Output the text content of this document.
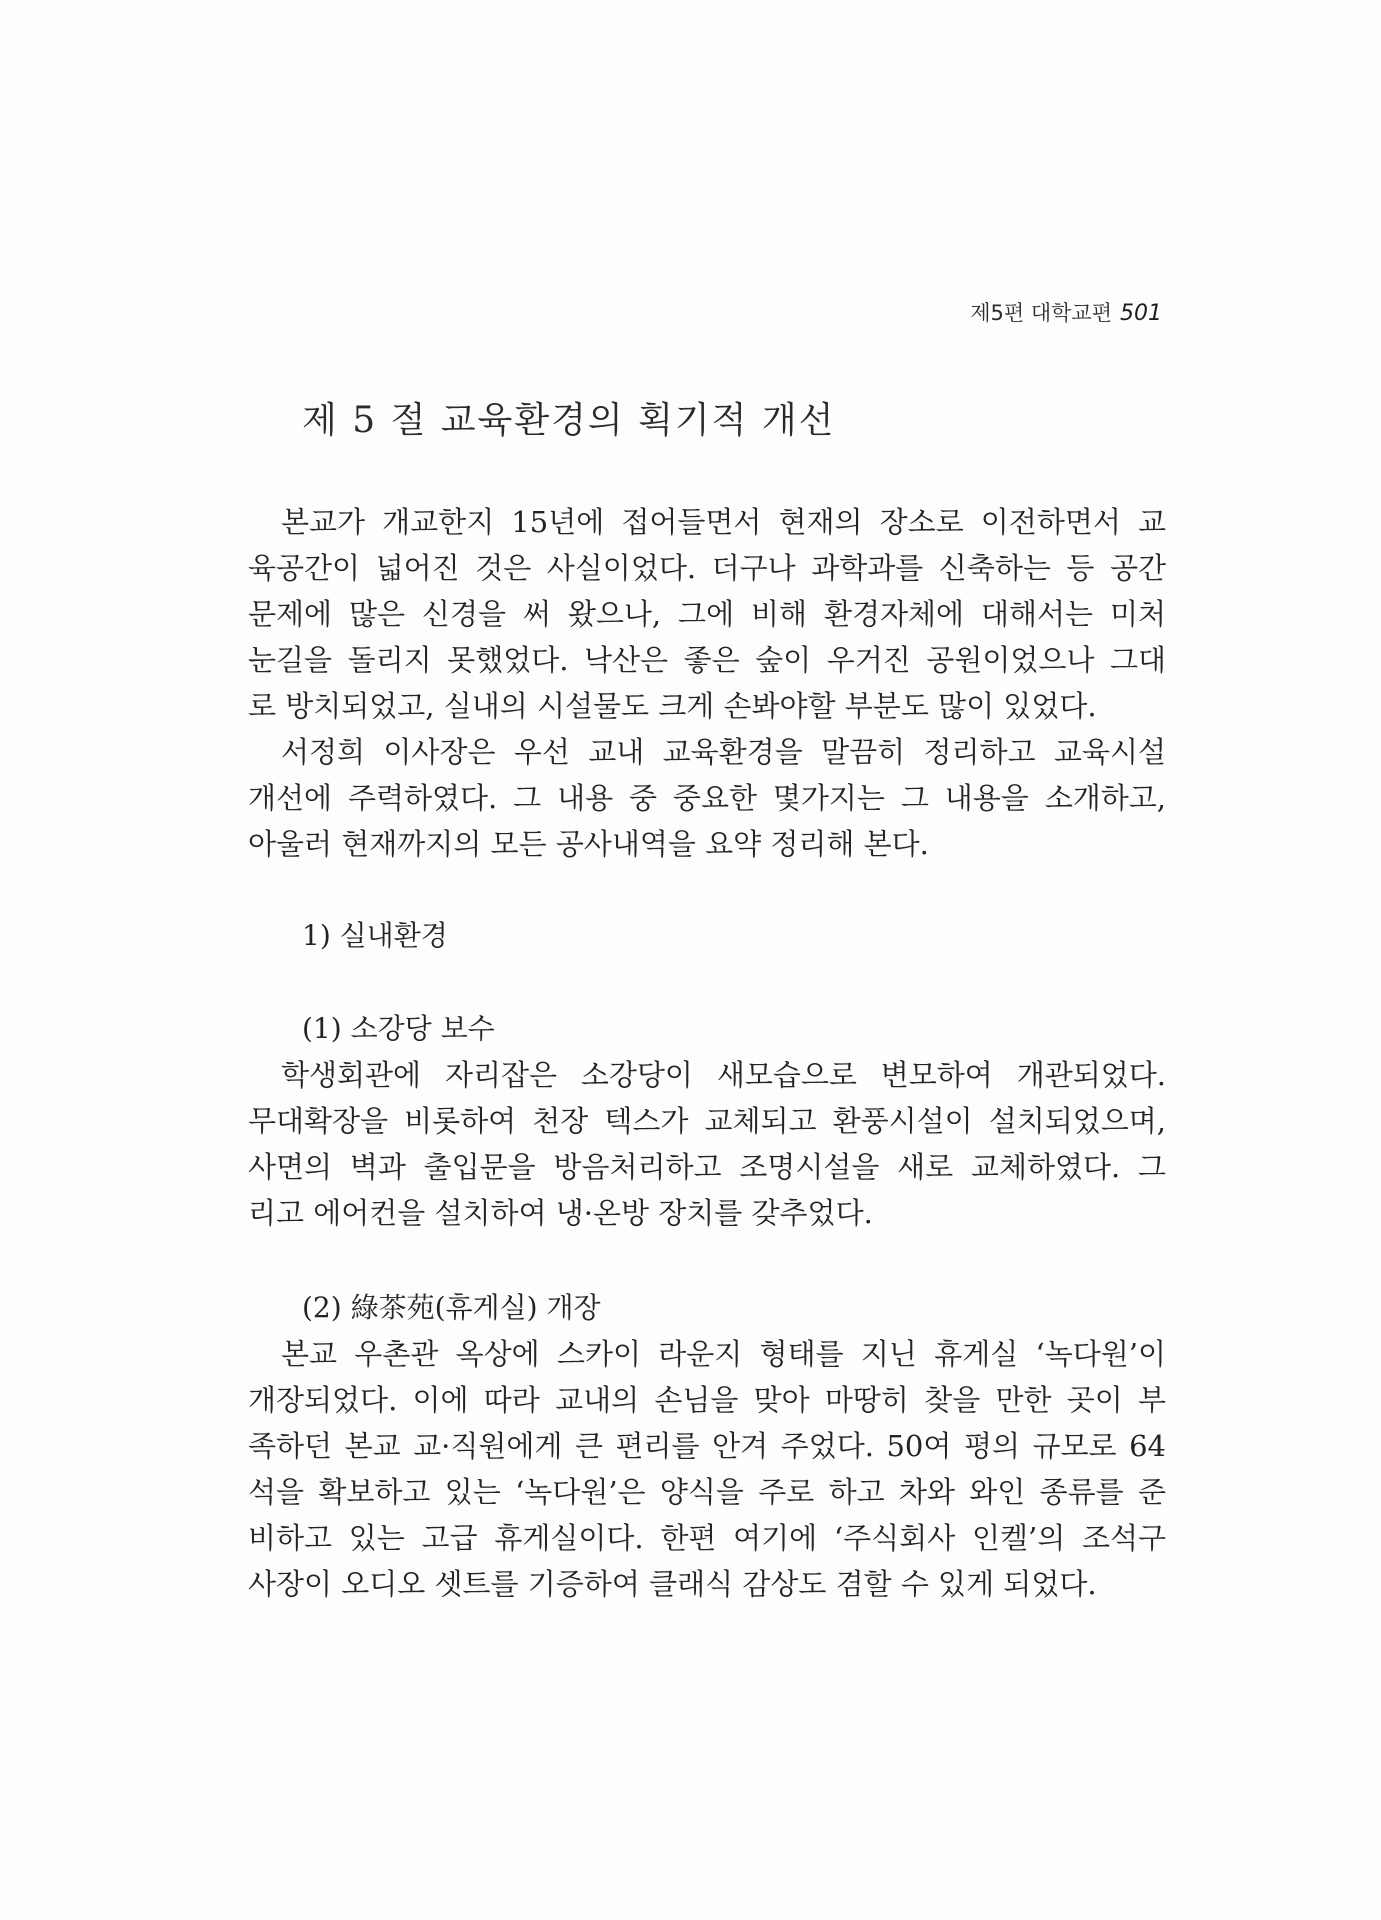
제5편 대학교편 501
제 5 절 교육환경의 획기적 개선

본교가 개교한지 15년에 접어들면서 현재의 장소로 이전하면서 교
육공간이 넓어진 것은 사실이었다. 더구나 과학과를 신축하는 등 공간
문제에 많은 신경을 써 왔으나, 그에 비해 환경자체에 대해서는 미처
눈길을 돌리지 못했었다. 낙산은 좋은 숲이 우거진 공원이었으나 그대
로 방치되었고, 실내의 시설물도 크게 손봐야할 부분도 많이 있었다.

서정희 이사장은 우선 교내 교육환경을 말끔히 정리하고 교육시설
개선에 주력하였다. 그 내용 중 중요한 몇가지는 그 내용을 소개하고,
아울러 현재까지의 모든 공사내역을 요약 정리해 본다.

1) 실내환경
(1) 소강당 보수

학생회관에 자리잡은 소강당이 새모습으로 변모하여 개관되었다.
무대확장을 비롯하여 천장 텍스가 교체되고 환풍시설이 설치되었으며,
사면의 벽과 출입문을 방음처리하고 조명시설을 새로 교체하였다. 그
리고 에어컨을 설치하여 냉·온방 장치를 갖추었다.

(2) 綠茶苑(휴게실) 개장

본교 우촌관 옥상에 스카이 라운지 형태를 지닌 휴게실 ‘녹다원’이
개장되었다. 이에 따라 교내의 손님을 맞아 마땅히 찾을 만한 곳이 부
족하던 본교 교·직원에게 큰 편리를 안겨 주었다. 50여 평의 규모로 64
석을 확보하고 있는 ‘녹다원’은 양식을 주로 하고 차와 와인 종류를 준
비하고 있는 고급 휴게실이다. 한편 여기에 ‘주식회사 인켈’의 조석구
사장이 오디오 셋트를 기증하여 클래식 감상도 겸할 수 있게 되었다.
